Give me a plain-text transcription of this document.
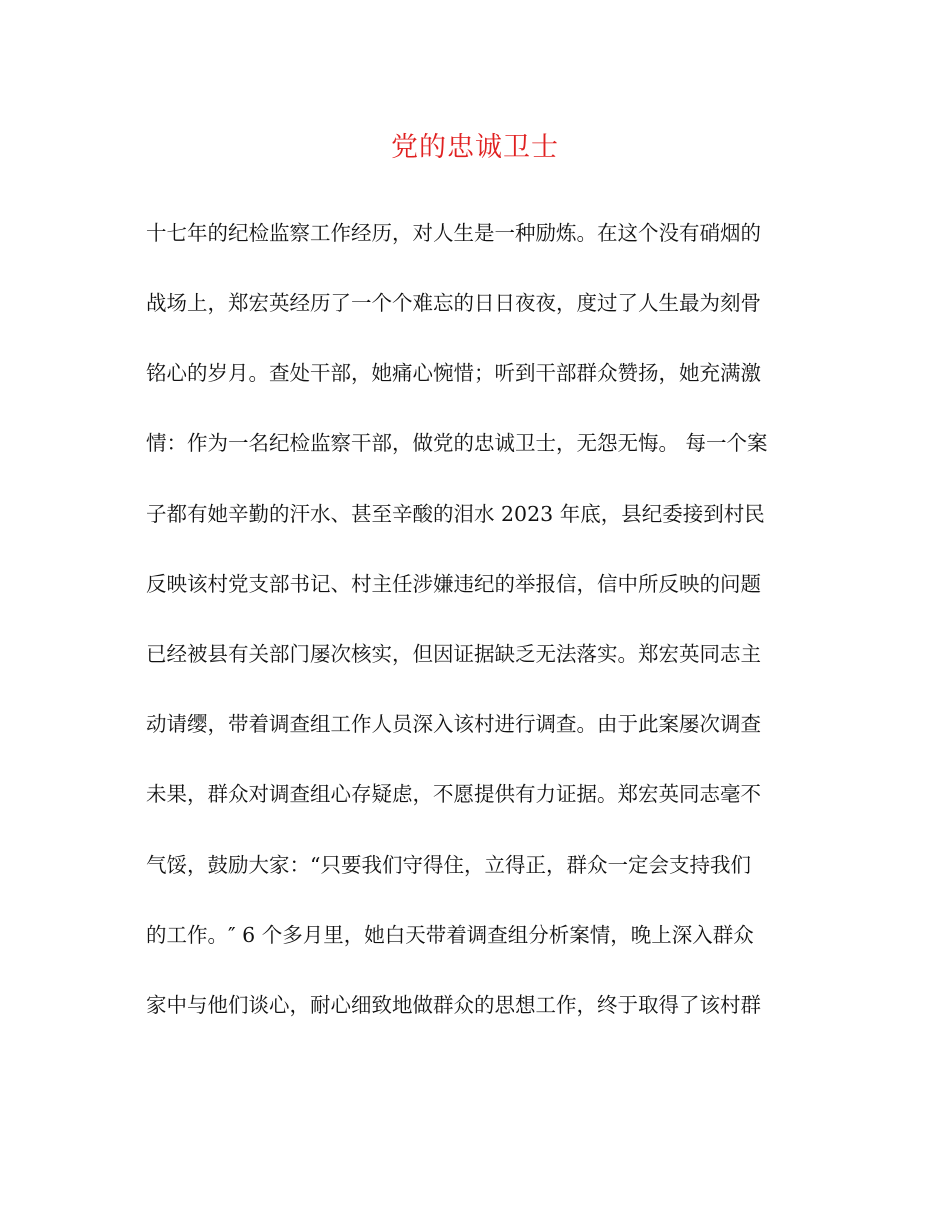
党的忠诚卫士
十七年的纪检监察工作经历，对人生是一种励炼。在这个没有硝烟的
战场上，郑宏英经历了一个个难忘的日日夜夜，度过了人生最为刻骨
铭心的岁月。查处干部，她痛心惋惜；听到干部群众赞扬，她充满激
情：作为一名纪检监察干部，做党的忠诚卫士，无怨无悔。 每一个案
子都有她辛勤的汗水、甚至辛酸的泪水 2023 年底，县纪委接到村民
反映该村党支部书记、村主任涉嫌违纪的举报信，信中所反映的问题
已经被县有关部门屡次核实，但因证据缺乏无法落实。郑宏英同志主
动请缨，带着调查组工作人员深入该村进行调查。由于此案屡次调查
未果，群众对调查组心存疑虑，不愿提供有力证据。郑宏英同志毫不
气馁，鼓励大家：“只要我们守得住，立得正，群众一定会支持我们
的工作。″ 6 个多月里，她白天带着调查组分析案情，晚上深入群众
家中与他们谈心，耐心细致地做群众的思想工作，终于取得了该村群
